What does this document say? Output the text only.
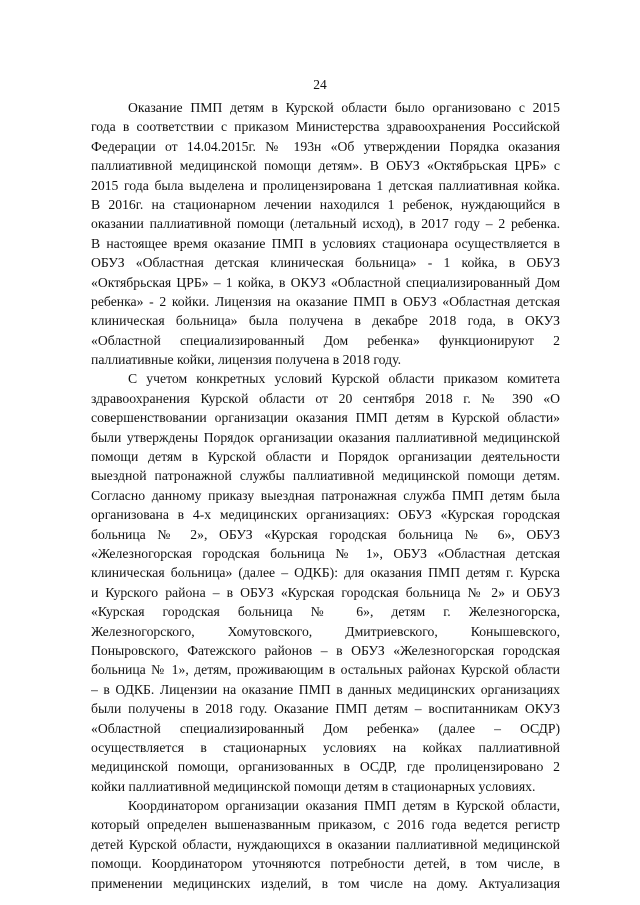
24
Оказание ПМП детям в Курской области было организовано с 2015
года в соответствии с приказом Министерства здравоохранения Российской
Федерации от 14.04.2015г. № 193н «Об утверждении Порядка оказания
паллиативной медицинской помощи детям». В ОБУЗ «Октябрьская ЦРБ» с
2015 года была выделена и пролицензирована 1 детская паллиативная койка.
В 2016г. на стационарном лечении находился 1 ребенок, нуждающийся в
оказании паллиативной помощи (летальный исход), в 2017 году – 2 ребенка.
В настоящее время оказание ПМП в условиях стационара осуществляется в
ОБУЗ «Областная детская клиническая больница» - 1 койка, в ОБУЗ
«Октябрьская ЦРБ» – 1 койка, в ОКУЗ «Областной специализированный Дом
ребенка» - 2 койки. Лицензия на оказание ПМП в ОБУЗ «Областная детская
клиническая больница» была получена в декабре 2018 года, в ОКУЗ
«Областной специализированный Дом ребенка» функционируют 2
паллиативные койки, лицензия получена в 2018 году.
С учетом конкретных условий Курской области приказом комитета
здравоохранения Курской области от 20 сентября 2018 г. № 390 «О
совершенствовании организации оказания ПМП детям в Курской области»
были утверждены Порядок организации оказания паллиативной медицинской
помощи детям в Курской области и Порядок организации деятельности
выездной патронажной службы паллиативной медицинской помощи детям.
Согласно данному приказу выездная патронажная служба ПМП детям была
организована в 4-х медицинских организациях: ОБУЗ «Курская городская
больница № 2», ОБУЗ «Курская городская больница № 6», ОБУЗ
«Железногорская городская больница № 1», ОБУЗ «Областная детская
клиническая больница» (далее – ОДКБ): для оказания ПМП детям г. Курска
и Курского района – в ОБУЗ «Курская городская больница № 2» и ОБУЗ
«Курская городская больница № 6», детям г. Железногорска,
Железногорского, Хомутовского, Дмитриевского, Конышевского,
Поныровского, Фатежского районов – в ОБУЗ «Железногорская городская
больница № 1», детям, проживающим в остальных районах Курской области
– в ОДКБ. Лицензии на оказание ПМП в данных медицинских организациях
были получены в 2018 году. Оказание ПМП детям – воспитанникам ОКУЗ
«Областной специализированный Дом ребенка» (далее – ОСДР)
осуществляется в стационарных условиях на койках паллиативной
медицинской помощи, организованных в ОСДР, где пролицензировано 2
койки паллиативной медицинской помощи детям в стационарных условиях.
Координатором организации оказания ПМП детям в Курской области,
который определен вышеназванным приказом, с 2016 года ведется регистр
детей Курской области, нуждающихся в оказании паллиативной медицинской
помощи. Координатором уточняются потребности детей, в том числе, в
применении медицинских изделий, в том числе на дому. Актуализация
